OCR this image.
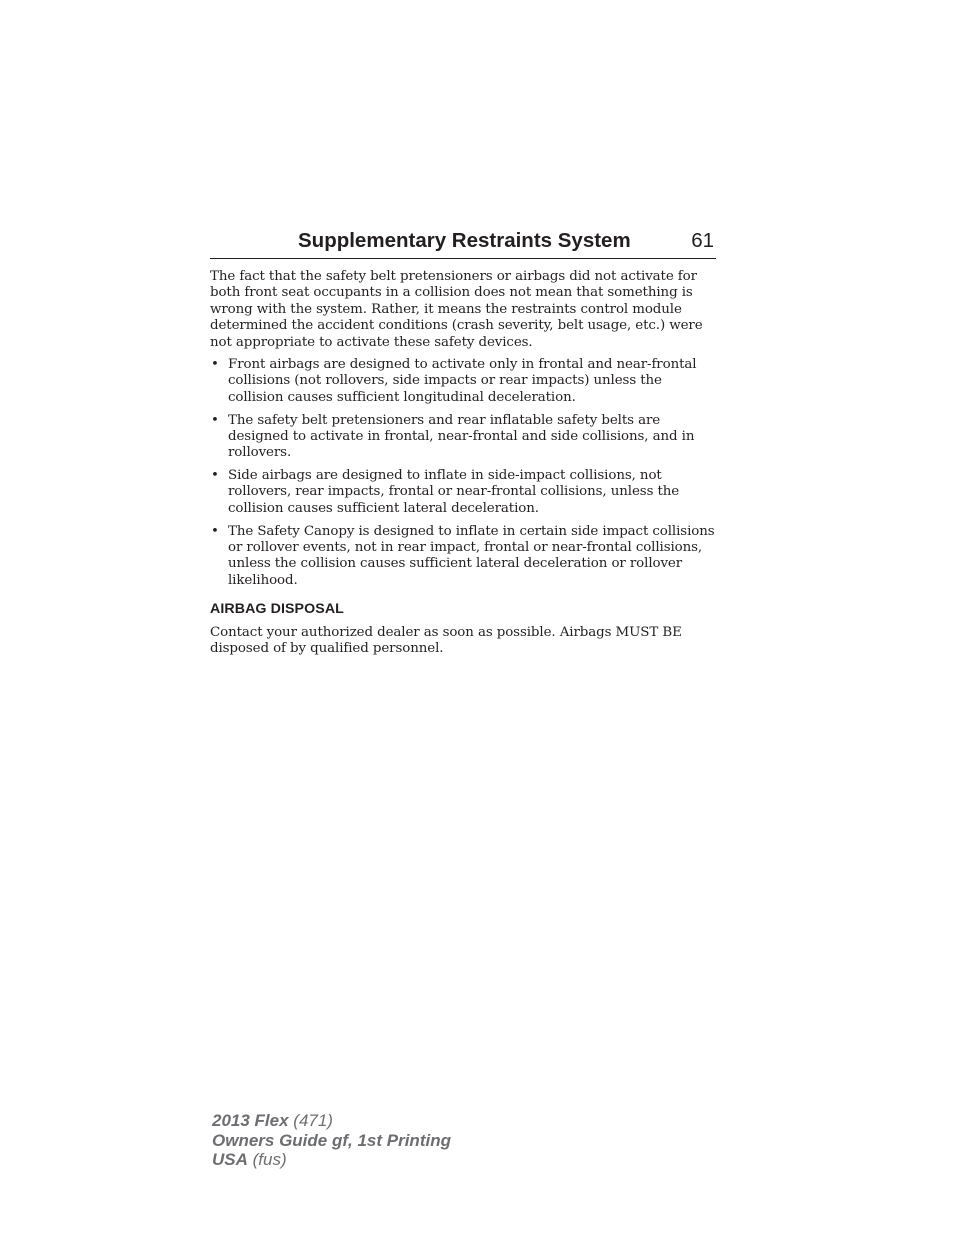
Supplementary Restraints System	61

The fact that the safety belt pretensioners or airbags did not activate for both front seat occupants in a collision does not mean that something is wrong with the system. Rather, it means the restraints control module determined the accident conditions (crash severity, belt usage, etc.) were not appropriate to activate these safety devices.

• Front airbags are designed to activate only in frontal and near-frontal collisions (not rollovers, side impacts or rear impacts) unless the collision causes sufficient longitudinal deceleration.
• The safety belt pretensioners and rear inflatable safety belts are designed to activate in frontal, near-frontal and side collisions, and in rollovers.
• Side airbags are designed to inflate in side-impact collisions, not rollovers, rear impacts, frontal or near-frontal collisions, unless the collision causes sufficient lateral deceleration.
• The Safety Canopy is designed to inflate in certain side impact collisions or rollover events, not in rear impact, frontal or near-frontal collisions, unless the collision causes sufficient lateral deceleration or rollover likelihood.
AIRBAG DISPOSAL

Contact your authorized dealer as soon as possible. Airbags MUST BE disposed of by qualified personnel.

2013 Flex (471)
Owners Guide gf, 1st Printing
USA (fus)
